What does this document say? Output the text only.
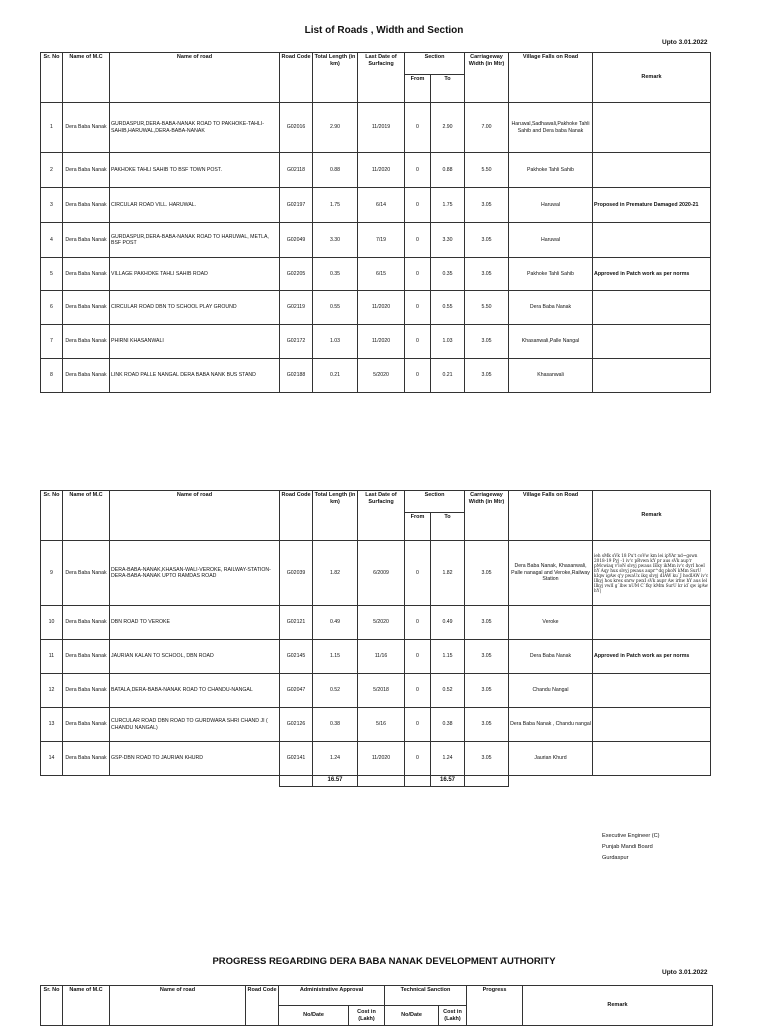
List of Roads , Width and Section
Upto 3.01.2022
Sr. No	Name of M.C	Name of road	Road Code	Total Length (in km)	Last Date of Surfacing	Section		Carriageway Width (in Mtr)	Village Falls on Road	Remark
						From	To			
1	Dera Baba Nanak	GURDASPUR,DERA-BABA-NANAK ROAD TO PAKHOKE-TAHLI-SAHIB,HARUWAL,DERA-BABA-NANAK	G02016	2.90	11/2019	0	2.90	7.00	Haruwal,Sadhawali,Pakhoke Tahli Sahib and Dera baba Nanak	
2	Dera Baba Nanak	PAKHOKE TAHLI SAHIB TO BSF TOWN POST.	G02118	0.88	11/2020	0	0.88	5.50	Pakhoke Tahli Sahib	
3	Dera Baba Nanak	CIRCULAR ROAD VILL. HARUWAL.	G02197	1.75	6/14	0	1.75	3.05	Haruwal	Proposed in Premature Damaged 2020-21
4	Dera Baba Nanak	GURDASPUR,DERA-BABA-NANAK ROAD TO HARUWAL, METLA, BSF POST	G02049	3.30	7/19	0	3.30	3.05	Haruwal	
5	Dera Baba Nanak	VILLAGE PAKHOKE TAHLI SAHIB ROAD	G02205	0.35	6/15	0	0.35	3.05	Pakhoke Tahli Sahib	Approved in Patch work as per norms
6	Dera Baba Nanak	CIRCULAR ROAD DBN TO SCHOOL PLAY GROUND	G02119	0.55	11/2020	0	0.55	5.50	Dera Baba Nanak	
7	Dera Baba Nanak	PHIRNI KHASANWALI	G02172	1.03	11/2020	0	1.03	3.05	Khasanwali,Palle Nangal	
8	Dera Baba Nanak	LINK ROAD PALLE NANGAL DERA BABA NANK BUS STAND	G02188	0.21	5/2020	0	0.21	3.05	Khasanwali	
Sr. No	Name of M.C	Name of road	Road Code	Total Length (in km)	Last Date of Surfacing	Section		Carriageway Width (in Mtr)	Village Falls on Road	Remark
						From	To			
9	Dera Baba Nanak	DERA-BABA-NANAK,KHASAN-WALI-VEROKE, RAILWAY-STATION-DERA-BABA-NANAK UPTO RAMDAS ROAD	G02039	1.82	6/2009	0	1.82	3.05	Dera Baba Nanak, Khasanwali, Palle nanagal and Veroke,Railway Station	ieh sMk sVk 18 Pu't coVw km lei ipYAr nd~gswn 2018-19 Pyj -1 iv'c pRvwn kY pr aus sVk aup'r pMcwiaq v'loN slvyj pwaus lEky ikMm iv'c dyrI hoeI hY Aqy hux slvyj pwaus aupr^dq pkoN kMm SurU kIqw igAw q'y pwaUx ikq slvyj dIAW ku`J hodIAW iv'c lIkyj hox krex snrw pwxI sVk aupr Aw irhw hY aus lel lIkyj vwlI g`lbw nUM C`fky kMm SurU kr id`qw igAw hY|
10	Dera Baba Nanak	DBN ROAD TO VEROKE	G02121	0.49	5/2020	0	0.49	3.05	Veroke	
11	Dera Baba Nanak	JAURIAN KALAN TO SCHOOL, DBN ROAD	G02145	1.15	11/16	0	1.15	3.05	Dera Baba Nanak	Approved in Patch work as per norms
12	Dera Baba Nanak	BATALA,DERA-BABA-NANAK ROAD TO CHANDU-NANGAL	G02047	0.52	5/2018	0	0.52	3.05	Chandu Nangal	
13	Dera Baba Nanak	CURCULAR ROAD DBN ROAD TO GURDWARA SHRI CHAND JI ( CHANDU NANGAL)	G02126	0.38	5/16	0	0.38	3.05	Dera Baba Nanak , Chandu nangal	
14	Dera Baba Nanak	GSP-DBN ROAD TO JAURIAN KHURD	G02141	1.24	11/2020	0	1.24	3.05	Jaurian Khurd	
				16.57			16.57			
Executive Engineer (C)
Punjab Mandi Board
Gurdaspur
PROGRESS REGARDING DERA BABA NANAK DEVELOPMENT AUTHORITY
Upto 3.01.2022
Sr. No	Name of M.C	Name of road	Road Code	Administrative Approval		Technical Sanction		Progress	Remark
				No/Date	Cost in (Lakh)	No/Date	Cost in (Lakh)		
